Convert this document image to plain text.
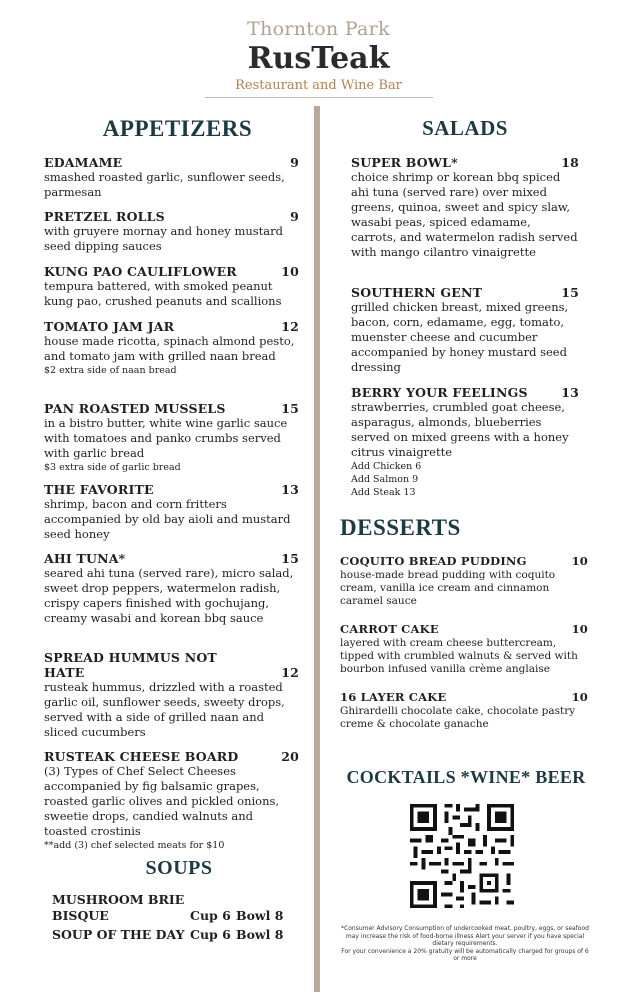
Thornton Park
RusTeak
Restaurant and Wine Bar
APPETIZERS
EDAMAME	9
smashed roasted garlic, sunflower seeds, parmesan
PRETZEL ROLLS	9
with gruyere mornay and honey mustard seed dipping sauces
KUNG PAO CAULIFLOWER	10
tempura battered, with smoked peanut kung pao, crushed peanuts and scallions
TOMATO JAM JAR	12
house made ricotta, spinach almond pesto, and tomato jam with grilled naan bread
$2 extra side of naan bread
PAN ROASTED MUSSELS	15
in a bistro butter, white wine garlic sauce with tomatoes and panko crumbs served with garlic bread
$3 extra side of garlic bread
THE FAVORITE	13
shrimp, bacon and corn fritters accompanied by old bay aioli and mustard seed honey
AHI TUNA*	15
seared ahi tuna (served rare), micro salad, sweet drop peppers, watermelon radish, crispy capers finished with gochujang, creamy wasabi and korean bbq sauce
SPREAD HUMMUS NOT HATE	12
rusteak hummus, drizzled with a roasted garlic oil, sunflower seeds, sweety drops, served with a side of grilled naan and sliced cucumbers
RUSTEAK CHEESE BOARD	20
(3) Types of Chef Select Cheeses accompanied by fig balsamic grapes, roasted garlic olives and pickled onions, sweetie drops, candied walnuts and toasted crostinis
**add (3) chef selected meats for $10
SOUPS
MUSHROOM BRIE BISQUE	Cup 6 Bowl 8
SOUP OF THE DAY Cup 6 Bowl 8
SALADS
SUPER BOWL*	18
choice shrimp or korean bbq spiced ahi tuna (served rare) over mixed greens, quinoa, sweet and spicy slaw, wasabi peas, spiced edamame, carrots, and watermelon radish served with mango cilantro vinaigrette
SOUTHERN GENT	15
grilled chicken breast, mixed greens, bacon, corn, edamame, egg, tomato, muenster cheese and cucumber accompanied by honey mustard seed dressing
BERRY YOUR FEELINGS	13
strawberries, crumbled goat cheese, asparagus, almonds, blueberries served on mixed greens with a honey citrus vinaigrette
Add Chicken 6
Add Salmon 9
Add Steak 13
DESSERTS
COQUITO BREAD PUDDING	10
house-made bread pudding with coquito cream, vanilla ice cream and cinnamon caramel sauce
CARROT CAKE	10
layered with cream cheese buttercream, tipped with crumbled walnuts & served with bourbon infused vanilla crème anglaise
16 LAYER CAKE	10
Ghirardelli chocolate cake, chocolate pastry creme & chocolate ganache
COCKTAILS *WINE* BEER
*Consumer Advisory Consumption of undercooked meat, poultry, eggs, or seafood may increase the risk of food-borne illness Alert your server if you have special dietary requirements.
For your convenience a 20% gratuity will be automatically charged for groups of 6 or more
